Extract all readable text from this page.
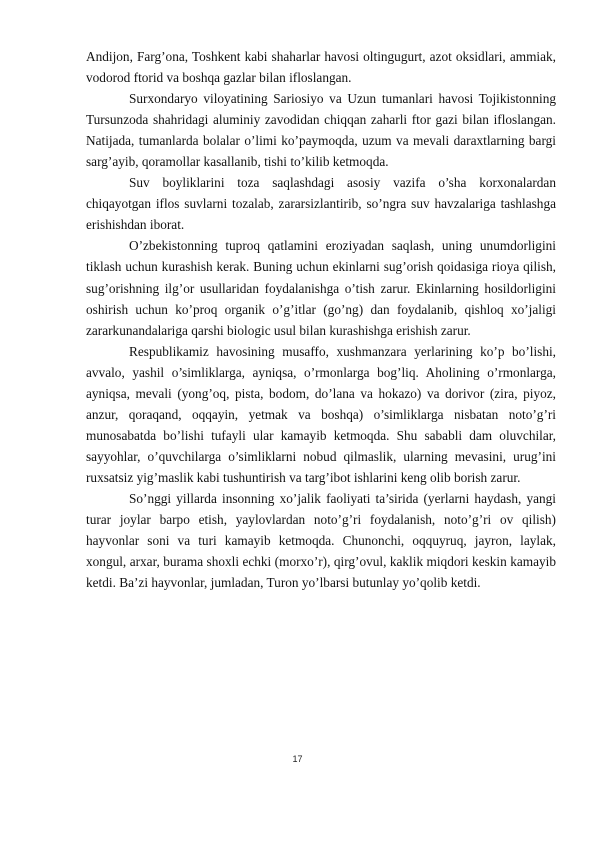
Andijon, Farg’ona, Toshkent kabi shaharlar havosi oltingugurt, azot oksidlari, ammiak, vodorod ftorid va boshqa gazlar bilan ifloslangan.

Surxondaryo viloyatining Sariosiyo va Uzun tumanlari havosi Tojikistonning Tursunzoda shahridagi aluminiy zavodidan chiqqan zaharli ftor gazi bilan ifloslangan. Natijada, tumanlarda bolalar o’limi ko’paymoqda, uzum va mevali daraxtlarning bargi sarg’ayib, qoramollar kasallanib, tishi to’kilib ketmoqda.

Suv boyliklarini toza saqlashdagi asosiy vazifa o’sha korxonalardan chiqayotgan iflos suvlarni tozalab, zararsizlantirib, so’ngra suv havzalariga tashlashga erishishdan iborat.

O’zbekistonning tuproq qatlamini eroziyadan saqlash, uning unumdorligini tiklash uchun kurashish kerak. Buning uchun ekinlarni sug’orish qoidasiga rioya qilish, sug’orishning ilg’or usullaridan foydalanishga o’tish zarur. Ekinlarning hosildorligini oshirish uchun ko’proq organik o’g’itlar (go’ng) dan foydalanib, qishloq xo’jaligi zararkunandalariga qarshi biologic usul bilan kurashishga erishish zarur.

Respublikamiz havosining musaffo, xushmanzara yerlarining ko’p bo’lishi, avvalo, yashil o’simliklarga, ayniqsa, o’rmonlarga bog’liq. Aholining o’rmonlarga, ayniqsa, mevali (yong’oq, pista, bodom, do’lana va hokazo) va dorivor (zira, piyoz, anzur, qoraqand, oqqayin, yetmak va boshqa) o’simliklarga nisbatan noto’g’ri munosabatda bo’lishi tufayli ular kamayib ketmoqda. Shu sababli dam oluvchilar, sayyohlar, o’quvchilarga o’simliklarni nobud qilmaslik, ularning mevasini, urug’ini ruxsatsiz yig’maslik kabi tushuntirish va targ’ibot ishlarini keng olib borish zarur.

So’nggi yillarda insonning xo’jalik faoliyati ta’sirida (yerlarni haydash, yangi turar joylar barpo etish, yaylovlardan noto’g’ri foydalanish, noto’g’ri ov qilish) hayvonlar soni va turi kamayib ketmoqda. Chunonchi, oqquyruq, jayron, laylak, xongul, arxar, burama shoxli echki (morxo’r), qirg’ovul, kaklik miqdori keskin kamayib ketdi. Ba’zi hayvonlar, jumladan, Turon yo’lbarsi butunlay yo’qolib ketdi.

17
